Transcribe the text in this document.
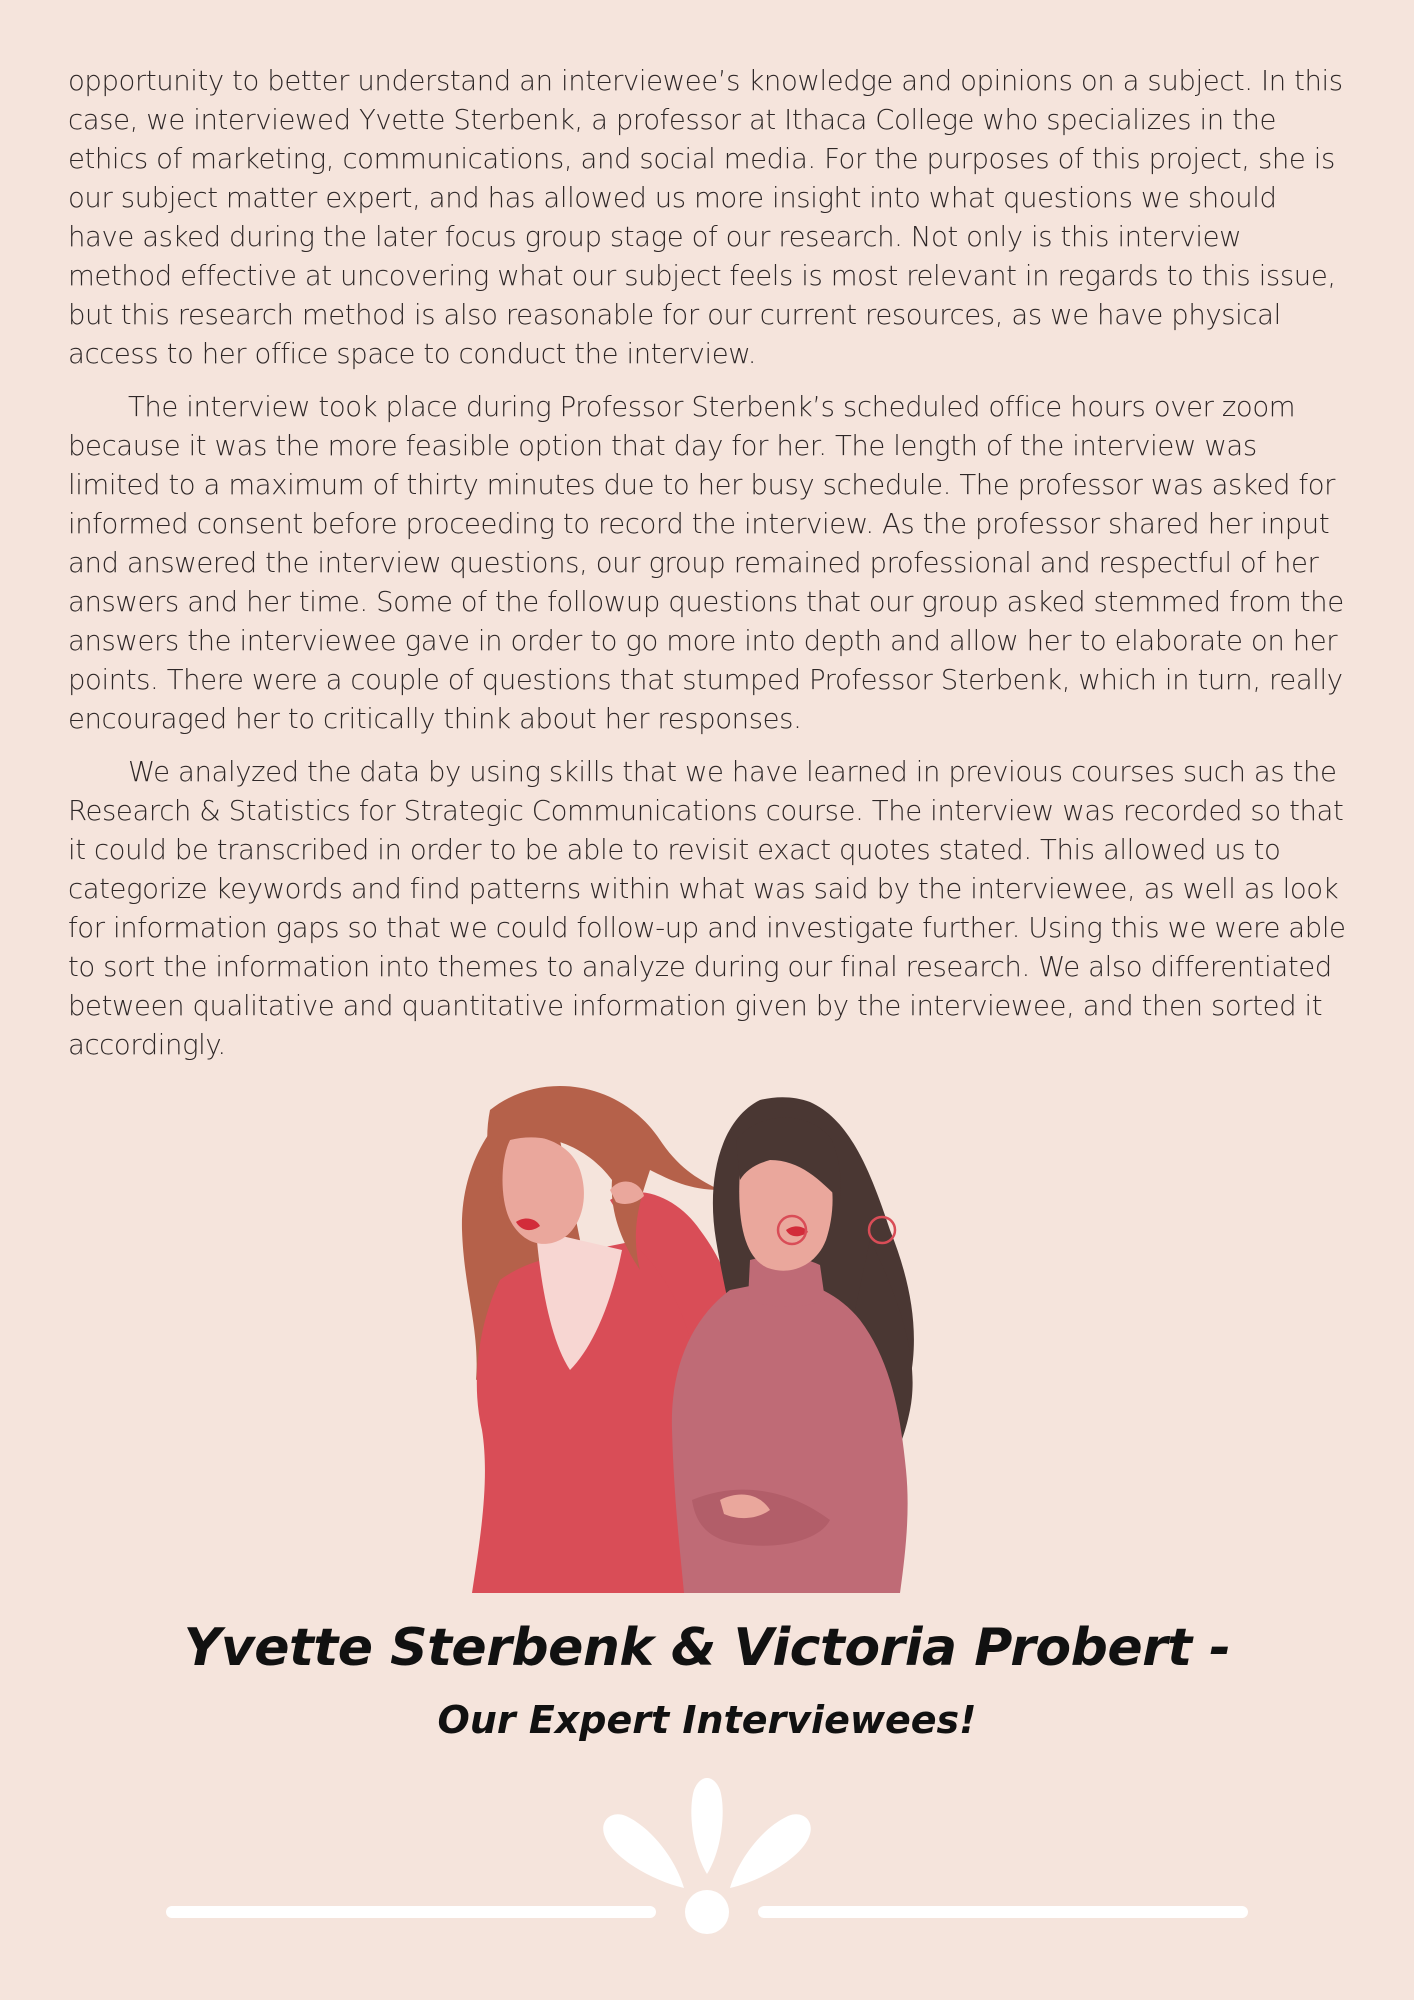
opportunity to better understand an interviewee’s knowledge and opinions on a subject. In this case, we interviewed Yvette Sterbenk, a professor at Ithaca College who specializes in the ethics of marketing, communications, and social media. For the purposes of this project, she is our subject matter expert, and has allowed us more insight into what questions we should have asked during the later focus group stage of our research. Not only is this interview method effective at uncovering what our subject feels is most relevant in regards to this issue, but this research method is also reasonable for our current resources, as we have physical access to her office space to conduct the interview.

The interview took place during Professor Sterbenk’s scheduled office hours over zoom because it was the more feasible option that day for her. The length of the interview was limited to a maximum of thirty minutes due to her busy schedule. The professor was asked for informed consent before proceeding to record the interview. As the professor shared her input and answered the interview questions, our group remained professional and respectful of her answers and her time. Some of the followup questions that our group asked stemmed from the answers the interviewee gave in order to go more into depth and allow her to elaborate on her points. There were a couple of questions that stumped Professor Sterbenk, which in turn, really encouraged her to critically think about her responses.

We analyzed the data by using skills that we have learned in previous courses such as the Research & Statistics for Strategic Communications course. The interview was recorded so that it could be transcribed in order to be able to revisit exact quotes stated. This allowed us to categorize keywords and find patterns within what was said by the interviewee, as well as look for information gaps so that we could follow-up and investigate further. Using this we were able to sort the information into themes to analyze during our final research. We also differentiated between qualitative and quantitative information given by the interviewee, and then sorted it accordingly.

Yvette Sterbenk & Victoria Probert -
Our Expert Interviewees!
